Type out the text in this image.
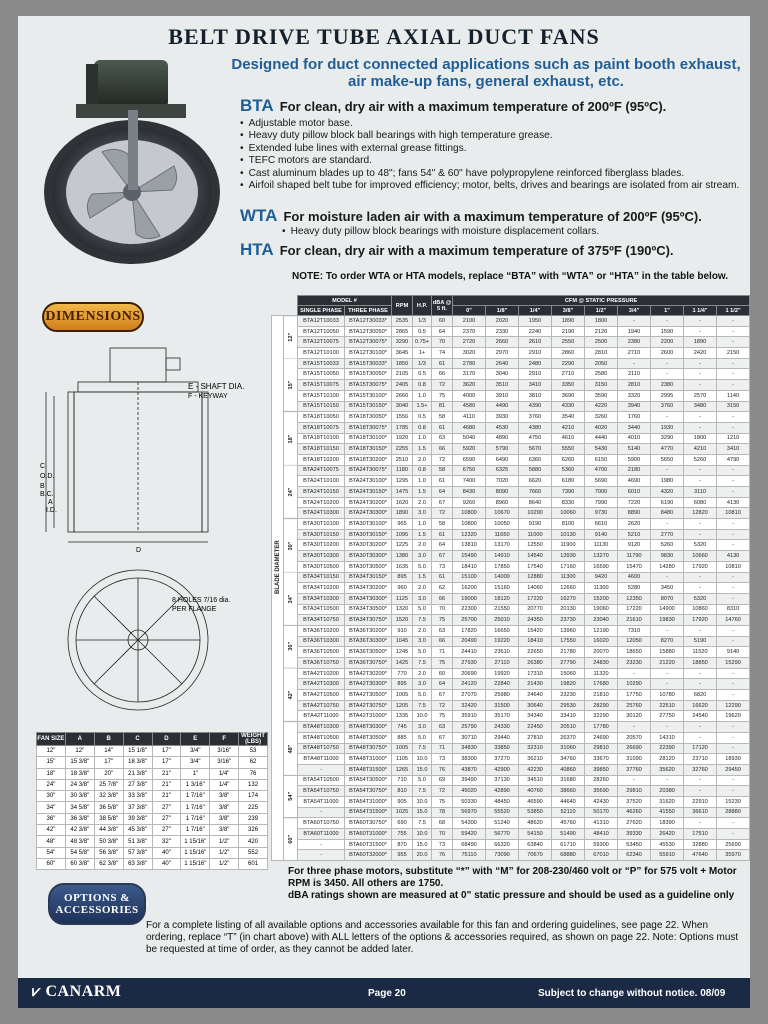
BELT DRIVE TUBE AXIAL DUCT FANS
Designed for duct connected applications such as paint booth exhaust, air make-up fans, general exhaust, etc.
BTA For clean, dry air with a maximum temperature of 200ºF (95ºC).
• Adjustable motor base.
• Heavy duty pillow block ball bearings with high temperature grease.
• Extended lube lines with external grease fittings.
• TEFC motors are standard.
• Cast aluminum blades up to 48"; fans 54" & 60" have polypropylene reinforced fiberglass blades.
• Airfoil shaped belt tube for improved efficiency; motor, belts, drives and bearings are isolated from air stream.
WTA For moisture laden air with a maximum temperature of 200ºF (95ºC).
• Heavy duty pillow block bearings with moisture displacement collars.
HTA For clean, dry air with a maximum temperature of 375ºF (190ºC).
NOTE: To order WTA or HTA models, replace “BTA” with “WTA” or “HTA” in the table below.
DIMENSIONS
E - SHAFT DIA.
F - KEYWAY
8 HOLES 7/16 dia.
PER FLANGE
C
O.D.
B
B.C.
A
I.D.
D
		MODEL #		RPM	H.P.	dBA @ 5 ft.	CFM @ STATIC PRESSURE								
		SINGLE PHASE	THREE PHASE				0"	1/8"	1/4"	3/8"	1/2"	3/4"	1"	1 1/4"	1 1/2"

BLADE DIAMETER	12"	BTA12T10033	BTA12T30033*	2535	1/3	60	2100	2020	1950	1890	1800	-	-	-	-
		BTA12T10050	BTA12T30050*	2865	0.5	64	2370	2330	2240	2190	2120	1940	1590	-	-
		BTA12T10075	BTA12T30075*	3290	0.75+	70	2720	2660	2610	2550	2500	2380	2200	1890	-
		BTA12T10100	BTA12T30100*	3645	1+	74	3020	2970	2910	2860	2810	2710	2600	2420	2150
	15"	BTA15T10033	BTA15T30033*	1850	1/3	61	2780	2640	2480	2290	2050	-	-	-	-
		BTA15T10050	BTA15T30050*	2105	0.5	66	3170	3040	2910	2710	2580	2110	-	-	-
		BTA15T10075	BTA15T30075*	2405	0.8	72	3620	3510	3410	3350	3150	2810	2380	-	-
		BTA15T10100	BTA15T30100*	2660	1.0	75	4000	3910	3810	3690	3590	3320	2995	2570	1140
		BTA15T10150	BTA15T30150*	3040	1.5+	81	4580	4490	4390	4330	4220	3940	3760	3480	3150
	18"	BTA18T10050	BTA18T30050*	1556	0.5	58	4110	3930	3760	3540	3260	1760	-	-	-
		BTA18T10075	BTA18T30075*	1785	0.8	61	4680	4530	4380	4210	4020	3440	1930	-	-
		BTA18T10100	BTA18T30100*	1920	1.0	63	5040	4890	4750	4610	4440	4010	3290	1800	1210
		BTA18T10150	BTA18T30150*	2255	1.5	66	5920	5790	5670	5550	5430	5140	4770	4210	3410
		BTA18T10200	BTA18T30200*	2510	2.0	72	6590	6490	6360	6260	6150	5900	5650	5260	4790
	24"	BTA24T10075	BTA24T30075*	1180	0.8	58	6750	6325	5880	5360	4700	2180	-	-	-
		BTA24T10100	BTA24T30100*	1295	1.0	61	7400	7020	6620	6180	5690	4690	1980	-	-
		BTA24T10150	BTA24T30150*	1475	1.5	64	8430	8090	7660	7390	7000	6010	4320	3110	-
		BTA24T10200	BTA24T30200*	1620	2.0	67	9260	8960	8640	8330	7990	7220	6190	6080	4130
		BTA24T10300	BTA24T30300*	1890	3.0	72	10800	10670	10290	10060	9730	8890	8480	12820	10810
	30"	BTA30T10100	BTA30T30100*	965	1.0	58	10800	10050	9190	8100	6610	2620	-	-	-
		BTA30T10150	BTA30T30150*	1095	1.5	61	12320	11650	11000	10130	9140	5210	2770	-	-
		BTA30T10200	BTA30T30200*	1225	2.0	64	13810	13170	12550	11900	11130	9120	5260	5320	-
		BTA30T10300	BTA30T30300*	1380	3.0	67	15490	14910	14540	13930	13270	11790	9830	10660	4130
		BTA30T10500	BTA30T30500*	1635	5.0	73	18410	17850	17540	17160	16590	15470	14280	17920	10810
	34"	BTA34T10150	BTA34T30150*	895	1.5	61	15100	14000	12880	11300	9420	4600	-	-	-
		BTA34T10200	BTA34T30200*	960	2.0	62	16200	15160	14060	12660	11300	5280	3450	-	-
		BTA34T10300	BTA34T30300*	1125	3.0	66	19000	18120	17220	16270	15200	12350	8070	5320	-
		BTA34T10500	BTA34T30500*	1320	5.0	70	22300	21550	20770	20130	19060	17220	14900	10860	8310
		BTA34T10750	BTA34T30750*	1520	7.5	75	25700	25010	24350	23730	23040	21610	19830	17920	14760
	36"	BTA36T10200	BTA36T30200*	910	2.0	63	17820	16650	15420	13960	12190	7310	-	-	-
		BTA36T10300	BTA36T30300*	1045	3.0	66	20490	19220	18410	17550	16020	12050	8270	5190	-
		BTA36T10500	BTA36T30500*	1245	5.0	71	24410	23610	22650	21780	20070	18650	15880	11520	9140
		BTA36T10750	BTA36T30750*	1425	7.5	75	27930	27110	26380	27790	24830	23230	21220	18850	15290
	42"	BTA42T10200	BTA42T30200*	770	2.0	60	20690	19920	17310	15060	11320	-	-	-	-
		BTA42T10300	BTA42T30300*	895	3.0	64	24120	22840	21430	19820	17680	10290	-	-	-
		BTA42T10500	BTA42T30500*	1005	5.0	67	27070	25980	24640	23230	21810	17750	10780	6820	-
		BTA42T10750	BTA42T30750*	1205	7.5	72	32420	31500	30640	29530	28290	25760	22510	16620	12290
		BTA42T11000	BTA42T31000*	1335	10.0	75	35910	35170	34340	33410	32290	30120	27750	24540	19620
	48"	BTA48T10300	BTA48T30300*	745	3.0	63	25790	24330	22450	20510	17780	-	-	-	-
		BTA48T10500	BTA48T30500*	885	5.0	67	30710	29440	27810	26370	24690	20570	14310	-	-
		BTA48T10750	BTA48T30750*	1005	7.5	71	34830	33850	32310	31060	29810	26690	22390	17120	-
		BTA48T11000	BTA48T31000*	1105	10.0	73	38300	37270	36210	34760	33670	31090	28120	23710	18930
		-	BTA48T31500*	1265	15.0	76	43870	42900	42230	40860	39850	37760	35620	32760	29450
	54"	BTA54T10500	BTA54T30500*	710	5.0	69	39490	37130	34510	31680	28260	-	-	-	-
		BTA54T10750	BTA54T30750*	810	7.5	72	45020	42890	40760	38660	35690	29810	20380	-	-
		BTA54T11000	BTA54T31000*	905	10.0	75	50330	48450	46590	44640	42430	37520	31620	22910	15230
		-	BTA54T31500*	1025	15.0	78	56970	55520	53850	52110	50170	46260	41550	36610	28880
	60"	BTA60T10750	BTA60T30750*	690	7.5	68	54300	51240	48620	45760	41310	27620	18390	-	-
		BTA60T11000	BTA60T31000*	755	10.0	70	59420	56770	54150	51490	48410	39330	26420	17510	-
		-	BTA60T31500*	870	15.0	73	68490	66320	63840	61710	59300	53450	45530	32880	25690
		-	BTA60T32000*	955	20.0	76	75110	73090	70670	68880	67010	62340	55910	47640	35970
OPTIONS & ACCESSORIES
FAN SIZE	A	B	C	D	E	F	WEIGHT (LBS)
12"	12"	14"	15 1/8"	17"	3/4"	3/16"	53
15"	15 3/8"	17"	18 3/8"	17"	3/4"	3/16"	62
18"	18 3/8"	20"	21 3/8"	21"	1"	1/4"	76
24"	24 3/8"	25 7/8"	27 3/8"	21"	1 3/16"	1/4"	132
30"	30 3/8"	32 3/8"	33 3/8"	21"	1 7/16"	3/8"	174
34"	34 5/8"	36 5/8"	37 3/8"	27"	1 7/16"	3/8"	225
36"	36 3/8"	38 5/8"	39 3/8"	27"	1 7/16"	3/8"	239
42"	42 3/8"	44 3/8"	45 3/8"	27"	1 7/16"	3/8"	326
48"	48 3/8"	50 3/8"	51 3/8"	32"	1 15/16"	1/2"	420
54"	54 5/8"	56 3/8"	57 3/8"	40"	1 15/16"	1/2"	552
60"	60 3/8"	62 3/8"	63 3/8"	40"	1 15/16"	1/2"	601
For three phase motors, substitute “*” with “M” for 208-230/460 volt or “P” for 575 volt + Motor RPM is 3450. All others are 1750.
dBA ratings shown are measured at 0" static pressure and should be used as a guideline only
For a complete listing of all available options and accessories available for this fan and ordering guidelines, see page 22. When ordering, replace “T” (in chart above) with ALL letters of the options & accessories required, as shown on page 22. Note: Options must be requested at time of order, as they cannot be added later.
⩗ CANARM	Page 20	Subject to change without notice. 08/09
